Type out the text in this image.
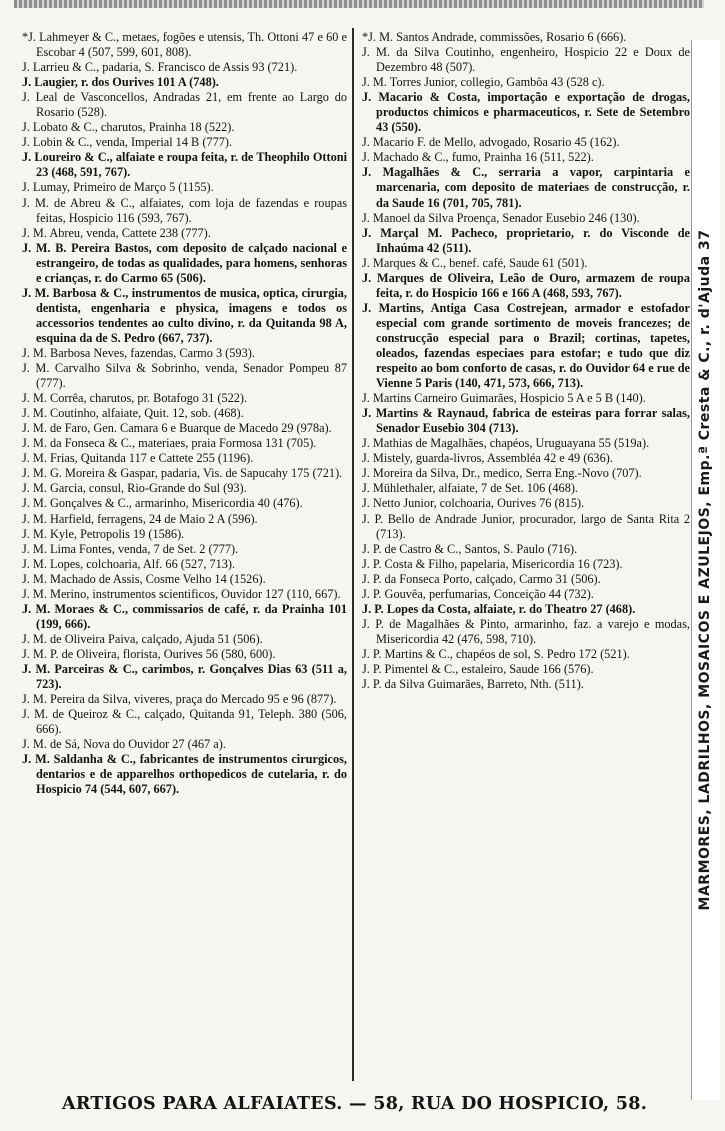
*J. Lahmeyer & C., metaes, fogões e utensis, Th. Ottoni 47 e 60 e Escobar 4 (507, 599, 601, 808).

J. Larrieu & C., padaria, S. Francisco de Assis 93 (721).

J. Laugier, r. dos Ourives 101 A (748).

J. Leal de Vasconcellos, Andradas 21, em frente ao Largo do Rosario (528).

J. Lobato & C., charutos, Prainha 18 (522).

J. Lobin & C., venda, Imperial 14 B (777).

J. Loureiro & C., alfaiate e roupa feita, r. de Theophilo Ottoni 23 (468, 591, 767).

J. Lumay, Primeiro de Março 5 (1155).

J. M. de Abreu & C., alfaiates, com loja de fazendas e roupas feitas, Hospicio 116 (593, 767).

J. M. Abreu, venda, Cattete 238 (777).

J. M. B. Pereira Bastos, com deposito de calçado nacional e estrangeiro, de todas as qualidades, para homens, senhoras e crianças, r. do Carmo 65 (506).

J. M. Barbosa & C., instrumentos de musica, optica, cirurgia, dentista, engenharia e physica, imagens e todos os accessorios tendentes ao culto divino, r. da Quitanda 98 A, esquina da de S. Pedro (667, 737).

J. M. Barbosa Neves, fazendas, Carmo 3 (593).

J. M. Carvalho Silva & Sobrinho, venda, Senador Pompeu 87 (777).

J. M. Corrêa, charutos, pr. Botafogo 31 (522).

J. M. Coutinho, alfaiate, Quit. 12, sob. (468).

J. M. de Faro, Gen. Camara 6 e Buarque de Macedo 29 (978a).

J. M. da Fonseca & C., materiaes, praia Formosa 131 (705).

J. M. Frias, Quitanda 117 e Cattete 255 (1196).

J. M. G. Moreira & Gaspar, padaria, Vis. de Sapucahy 175 (721).

J. M. Garcia, consul, Rio-Grande do Sul (93).

J. M. Gonçalves & C., armarinho, Misericordia 40 (476).

J. M. Harfield, ferragens, 24 de Maio 2 A (596).

J. M. Kyle, Petropolis 19 (1586).

J. M. Lima Fontes, venda, 7 de Set. 2 (777).

J. M. Lopes, colchoaria, Alf. 66 (527, 713).

J. M. Machado de Assis, Cosme Velho 14 (1526).

J. M. Merino, instrumentos scientificos, Ouvidor 127 (110, 667).

J. M. Moraes & C., commissarios de café, r. da Prainha 101 (199, 666).

J. M. de Oliveira Paiva, calçado, Ajuda 51 (506).

J. M. P. de Oliveira, florista, Ourives 56 (580, 600).

J. M. Parceiras & C., carimbos, r. Gonçalves Dias 63 (511 a, 723).

J. M. Pereira da Silva, viveres, praça do Mercado 95 e 96 (877).

J. M. de Queiroz & C., calçado, Quitanda 91, Teleph. 380 (506, 666).

J. M. de Sá, Nova do Ouvidor 27 (467 a).

J. M. Saldanha & C., fabricantes de instrumentos cirurgicos, dentarios e de apparelhos orthopedicos de cutelaria, r. do Hospicio 74 (544, 607, 667).

*J. M. Santos Andrade, commissões, Rosario 6 (666).

J. M. da Silva Coutinho, engenheiro, Hospicio 22 e Doux de Dezembro 48 (507).

J. M. Torres Junior, collegio, Gambôa 43 (528 c).

J. Macario & Costa, importação e exportação de drogas, productos chimicos e pharmaceuticos, r. Sete de Setembro 43 (550).

J. Macario F. de Mello, advogado, Rosario 45 (162).

J. Machado & C., fumo, Prainha 16 (511, 522).

J. Magalhães & C., serraria a vapor, carpintaria e marcenaria, com deposito de materiaes de construcção, r. da Saude 16 (701, 705, 781).

J. Manoel da Silva Proença, Senador Eusebio 246 (130).

J. Marçal M. Pacheco, proprietario, r. do Visconde de Inhaúma 42 (511).

J. Marques & C., benef. café, Saude 61 (501).

J. Marques de Oliveira, Leão de Ouro, armazem de roupa feita, r. do Hospicio 166 e 166 A (468, 593, 767).

J. Martins, Antiga Casa Costrejean, armador e estofador especial com grande sortimento de moveis francezes; de construcção especial para o Brazil; cortinas, tapetes, oleados, fazendas especiaes para estofar; e tudo que diz respeito ao bom conforto de casas, r. do Ouvidor 64 e rue de Vienne 5 Paris (140, 471, 573, 666, 713).

J. Martins Carneiro Guimarães, Hospicio 5 A e 5 B (140).

J. Martins & Raynaud, fabrica de esteiras para forrar salas, Senador Eusebio 304 (713).

J. Mathias de Magalhães, chapéos, Uruguayana 55 (519a).

J. Mistely, guarda-livros, Assembléa 42 e 49 (636).

J. Moreira da Silva, Dr., medico, Serra Eng.-Novo (707).

J. Mühlethaler, alfaiate, 7 de Set. 106 (468).

J. Netto Junior, colchoaria, Ourives 76 (815).

J. P. Bello de Andrade Junior, procurador, largo de Santa Rita 2 (713).

J. P. de Castro & C., Santos, S. Paulo (716).

J. P. Costa & Filho, papelaria, Misericordia 16 (723).

J. P. da Fonseca Porto, calçado, Carmo 31 (506).

J. P. Gouvêa, perfumarias, Conceição 44 (732).

J. P. Lopes da Costa, alfaiate, r. do Theatro 27 (468).

J. P. de Magalhães & Pinto, armarinho, faz. a varejo e modas, Misericordia 42 (476, 598, 710).

J. P. Martins & C., chapéos de sol, S. Pedro 172 (521).

J. P. Pimentel & C., estaleiro, Saude 166 (576).

J. P. da Silva Guimarães, Barreto, Nth. (511).	MARMORES, LADRILHOS, MOSAICOS E AZULEJOS, Emp.ª Cresta & C., r. d'Ajuda 37
ARTIGOS PARA ALFAIATES. — 58, RUA DO HOSPICIO, 58.
